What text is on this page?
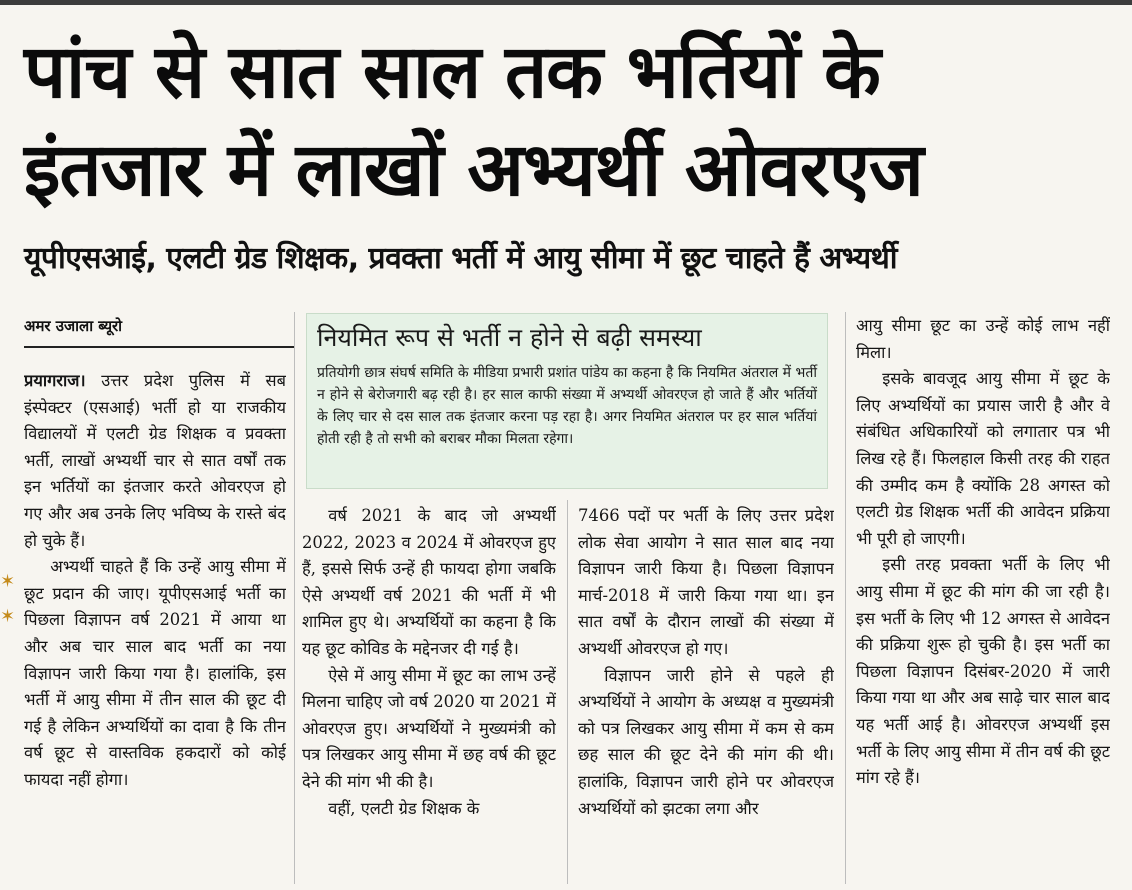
पांच से सात साल तक भर्तियों के
इंतजार में लाखों अभ्यर्थी ओवरएज
यूपीएसआई, एलटी ग्रेड शिक्षक, प्रवक्ता भर्ती में आयु सीमा में छूट चाहते हैं अभ्यर्थी
अमर उजाला ब्यूरो

प्रयागराज। उत्तर प्रदेश पुलिस में सब इंस्पेक्टर (एसआई) भर्ती हो या राजकीय विद्यालयों में एलटी ग्रेड शिक्षक व प्रवक्ता भर्ती, लाखों अभ्यर्थी चार से सात वर्षों तक इन भर्तियों का इंतजार करते ओवरएज हो गए और अब उनके लिए भविष्य के रास्ते बंद हो चुके हैं।

अभ्यर्थी चाहते हैं कि उन्हें आयु सीमा में छूट प्रदान की जाए। यूपीएसआई भर्ती का पिछला विज्ञापन वर्ष 2021 में आया था और अब चार साल बाद भर्ती का नया विज्ञापन जारी किया गया है। हालांकि, इस भर्ती में आयु सीमा में तीन साल की छूट दी गई है लेकिन अभ्यर्थियों का दावा है कि तीन वर्ष छूट से वास्तविक हकदारों को कोई फायदा नहीं होगा।

नियमित रूप से भर्ती न होने से बढ़ी समस्या

प्रतियोगी छात्र संघर्ष समिति के मीडिया प्रभारी प्रशांत पांडेय का कहना है कि नियमित अंतराल में भर्ती न होने से बेरोजगारी बढ़ रही है। हर साल काफी संख्या में अभ्यर्थी ओवरएज हो जाते हैं और भर्तियों के लिए चार से दस साल तक इंतजार करना पड़ रहा है। अगर नियमित अंतराल पर हर साल भर्तियां होती रही है तो सभी को बराबर मौका मिलता रहेगा।

वर्ष 2021 के बाद जो अभ्यर्थी 2022, 2023 व 2024 में ओवरएज हुए हैं, इससे सिर्फ उन्हें ही फायदा होगा जबकि ऐसे अभ्यर्थी वर्ष 2021 की भर्ती में भी शामिल हुए थे। अभ्यर्थियों का कहना है कि यह छूट कोविड के मद्देनजर दी गई है।

ऐसे में आयु सीमा में छूट का लाभ उन्हें मिलना चाहिए जो वर्ष 2020 या 2021 में ओवरएज हुए। अभ्यर्थियों ने मुख्यमंत्री को पत्र लिखकर आयु सीमा में छह वर्ष की छूट देने की मांग भी की है।

वहीं, एलटी ग्रेड शिक्षक के

7466 पदों पर भर्ती के लिए उत्तर प्रदेश लोक सेवा आयोग ने सात साल बाद नया विज्ञापन जारी किया है। पिछला विज्ञापन मार्च-2018 में जारी किया गया था। इन सात वर्षों के दौरान लाखों की संख्या में अभ्यर्थी ओवरएज हो गए।

विज्ञापन जारी होने से पहले ही अभ्यर्थियों ने आयोग के अध्यक्ष व मुख्यमंत्री को पत्र लिखकर आयु सीमा में कम से कम छह साल की छूट देने की मांग की थी। हालांकि, विज्ञापन जारी होने पर ओवरएज अभ्यर्थियों को झटका लगा और

आयु सीमा छूट का उन्हें कोई लाभ नहीं मिला।

इसके बावजूद आयु सीमा में छूट के लिए अभ्यर्थियों का प्रयास जारी है और वे संबंधित अधिकारियों को लगातार पत्र भी लिख रहे हैं। फिलहाल किसी तरह की राहत की उम्मीद कम है क्योंकि 28 अगस्त को एलटी ग्रेड शिक्षक भर्ती की आवेदन प्रक्रिया भी पूरी हो जाएगी।

इसी तरह प्रवक्ता भर्ती के लिए भी आयु सीमा में छूट की मांग की जा रही है। इस भर्ती के लिए भी 12 अगस्त से आवेदन की प्रक्रिया शुरू हो चुकी है। इस भर्ती का पिछला विज्ञापन दिसंबर-2020 में जारी किया गया था और अब साढ़े चार साल बाद यह भर्ती आई है। ओवरएज अभ्यर्थी इस भर्ती के लिए आयु सीमा में तीन वर्ष की छूट मांग रहे हैं।

✶
✶
